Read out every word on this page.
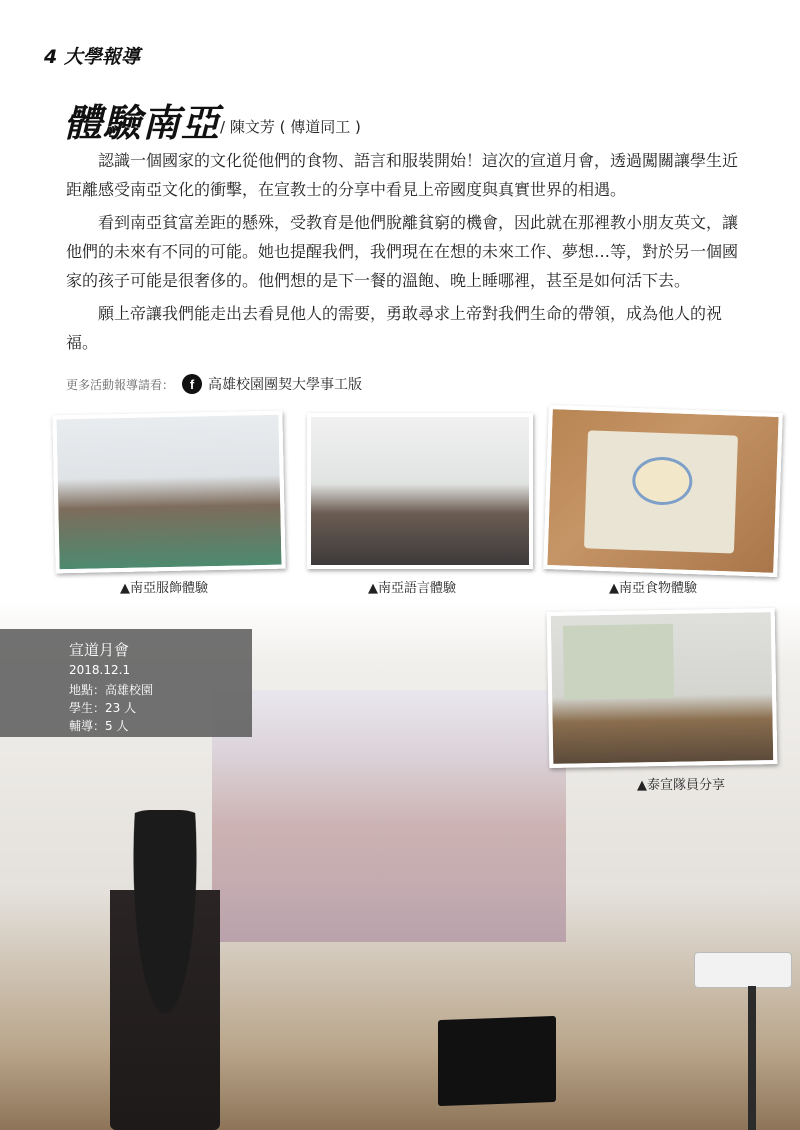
4 大學報導
體驗南亞 / 陳文芳 ( 傳道同工 )

認識一個國家的文化從他們的食物、語言和服裝開始！這次的宣道月會，透過闖關讓學生近距離感受南亞文化的衝擊，在宣教士的分享中看見上帝國度與真實世界的相遇。

看到南亞貧富差距的懸殊，受教育是他們脫離貧窮的機會，因此就在那裡教小朋友英文，讓他們的未來有不同的可能。她也提醒我們，我們現在在想的未來工作、夢想…等，對於另一個國家的孩子可能是很奢侈的。他們想的是下一餐的溫飽、晚上睡哪裡，甚至是如何活下去。

願上帝讓我們能走出去看見他人的需要，勇敢尋求上帝對我們生命的帶領，成為他人的祝福。

更多活動報導請看：	f 高雄校園團契大學事工版
▲南亞服飾體驗	▲南亞語言體驗	▲南亞食物體驗
▲泰宣隊員分享
宣道月會
2018.12.1
地點：高雄校園
學生：23 人
輔導：5 人
